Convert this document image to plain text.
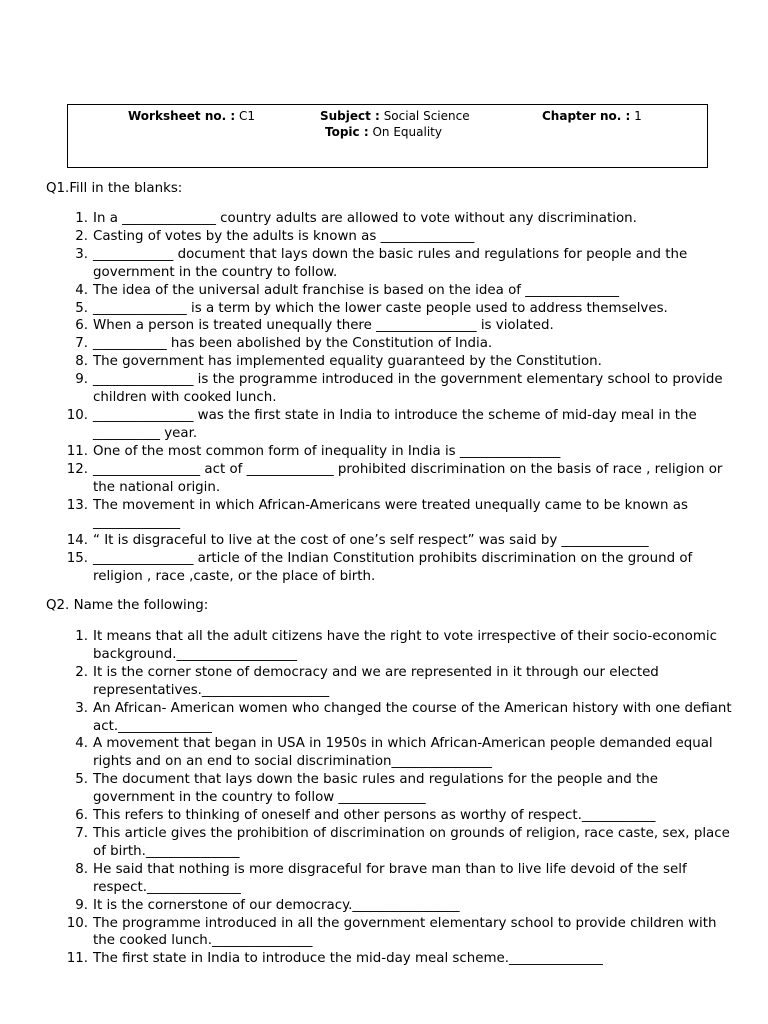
Worksheet no. : C1	Subject : Social Science	Chapter no. : 1
Topic : On Equality
Q1.Fill in the blanks:
1. In a ______________ country adults are allowed to vote without any discrimination.
2. Casting of votes by the adults is known as ______________
3. ____________ document that lays down the basic rules and regulations for people and the government in the country to follow.
4. The idea of the universal adult franchise is based on the idea of ______________
5. ______________ is a term by which the lower caste people used to address themselves.
6. When a person is treated unequally there _______________ is violated.
7. ___________ has been abolished by the Constitution of India.
8. The government has implemented equality guaranteed by the Constitution.
9. _______________ is the programme introduced in the government elementary school to provide children with cooked lunch.
10. _______________ was the first state in India to introduce the scheme of mid-day meal in the __________ year.
11. One of the most common form of inequality in India is _______________
12. ________________ act of _____________ prohibited discrimination on the basis of race , religion or the national origin.
13. The movement in which African-Americans were treated unequally came to be known as _____________
14. “ It is disgraceful to live at the cost of one’s self respect” was said by _____________
15. _______________ article of the Indian Constitution prohibits discrimination on the ground of religion , race ,caste, or the place of birth.
Q2. Name the following:
1. It means that all the adult citizens have the right to vote irrespective of their socio-economic background.__________________
2. It is the corner stone of democracy and we are represented in it through our elected representatives.___________________
3. An African- American women who changed the course of the American history with one defiant act.______________
4. A movement that began in USA in 1950s in which African-American people demanded equal rights and on an end to social discrimination_______________
5. The document that lays down the basic rules and regulations for the people and the government in the country to follow _____________
6. This refers to thinking of oneself and other persons as worthy of respect.___________
7. This article gives the prohibition of discrimination on grounds of religion, race caste, sex, place of birth.______________
8. He said that nothing is more disgraceful for brave man than to live life devoid of the self respect.______________
9. It is the cornerstone of our democracy.________________
10. The programme introduced in all the government elementary school to provide children with the cooked lunch._______________
11. The first state in India to introduce the mid-day meal scheme.______________
